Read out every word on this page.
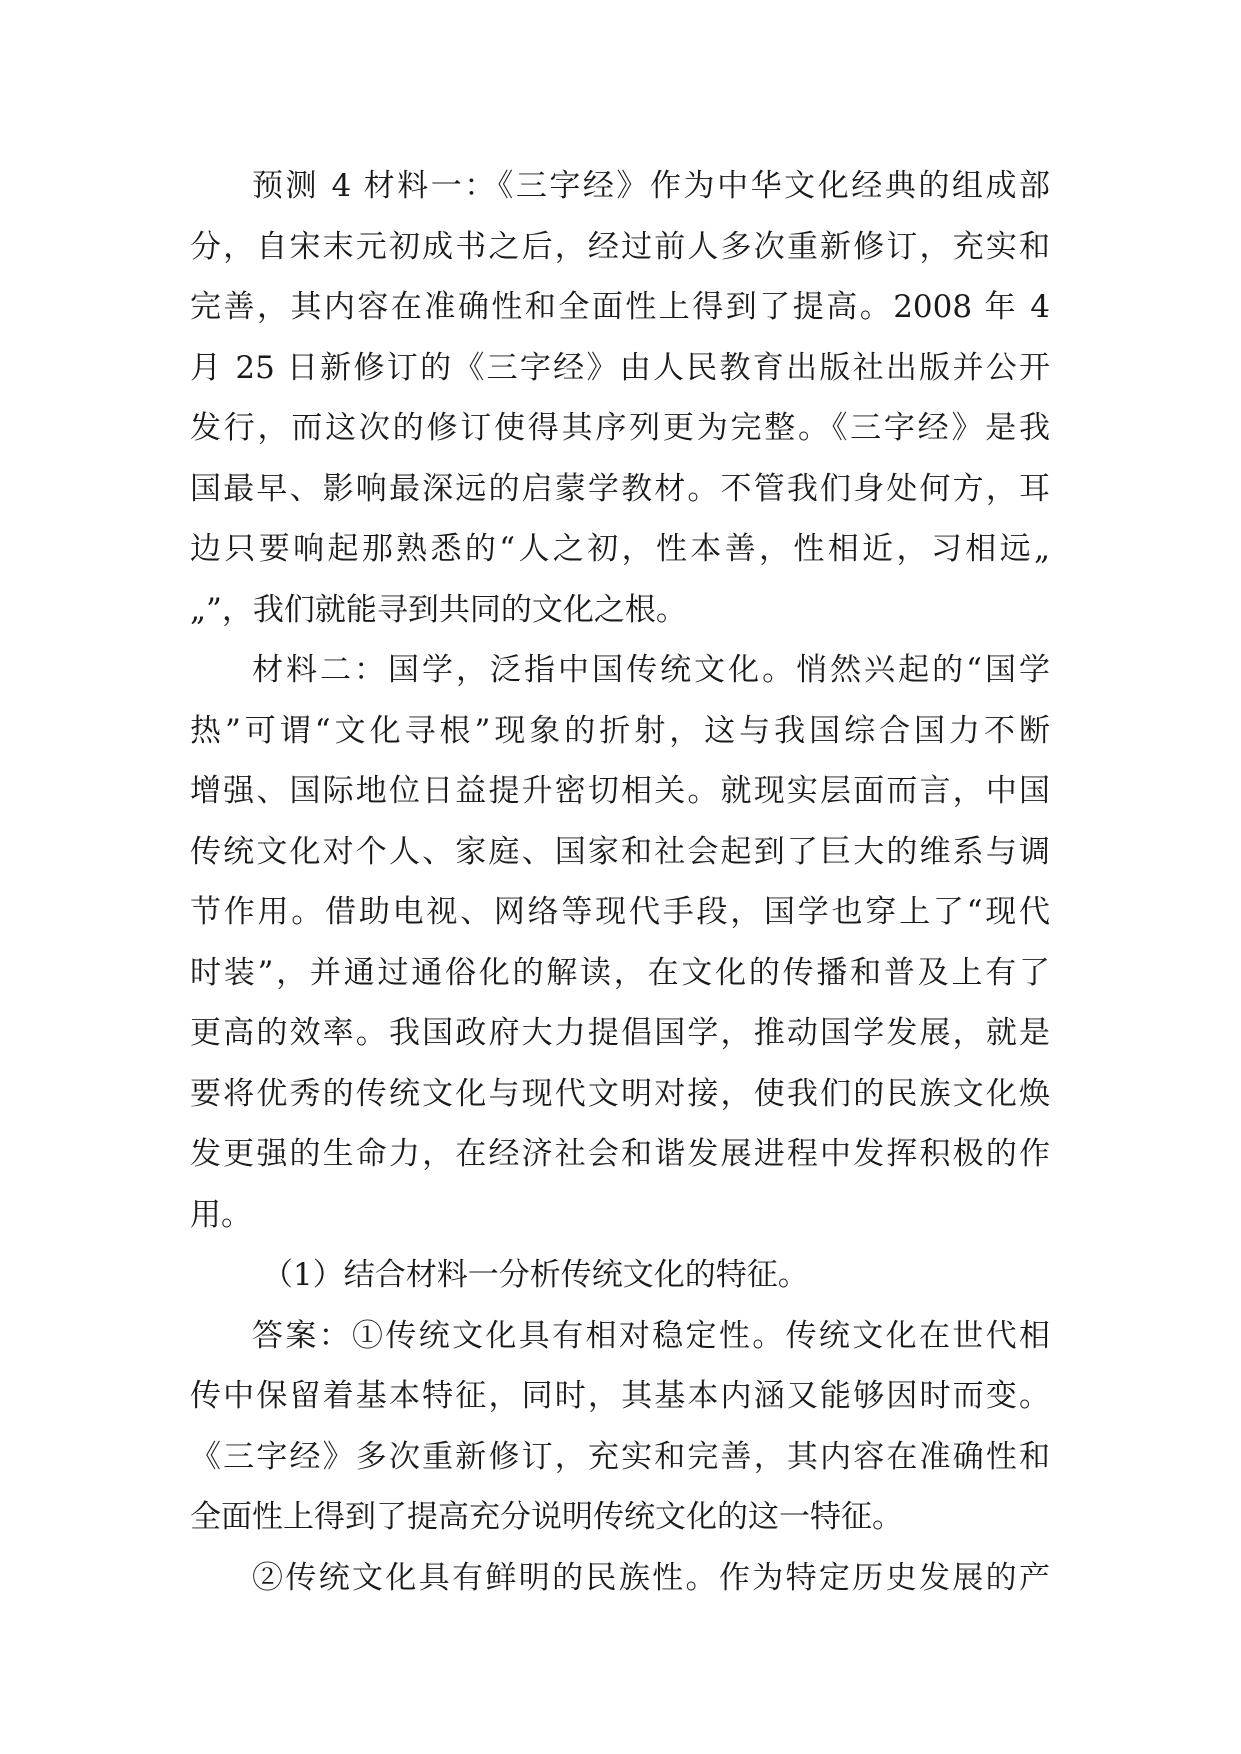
预测 4 材料一：《三字经》作为中华文化经典的组成部
分，自宋末元初成书之后，经过前人多次重新修订，充实和
完善，其内容在准确性和全面性上得到了提高。2008 年 4
月 25 日新修订的《三字经》由人民教育出版社出版并公开
发行，而这次的修订使得其序列更为完整。《三字经》是我
国最早、影响最深远的启蒙学教材。不管我们身处何方，耳
边只要响起那熟悉的“人之初，性本善，性相近，习相远„
„”，我们就能寻到共同的文化之根。
材料二：国学，泛指中国传统文化。悄然兴起的“国学
热”可谓“文化寻根”现象的折射，这与我国综合国力不断
增强、国际地位日益提升密切相关。就现实层面而言，中国
传统文化对个人、家庭、国家和社会起到了巨大的维系与调
节作用。借助电视、网络等现代手段，国学也穿上了“现代
时装”，并通过通俗化的解读，在文化的传播和普及上有了
更高的效率。我国政府大力提倡国学，推动国学发展，就是
要将优秀的传统文化与现代文明对接，使我们的民族文化焕
发更强的生命力，在经济社会和谐发展进程中发挥积极的作
用。
（1）结合材料一分析传统文化的特征。
答案：①传统文化具有相对稳定性。传统文化在世代相
传中保留着基本特征，同时，其基本内涵又能够因时而变。
《三字经》多次重新修订，充实和完善，其内容在准确性和
全面性上得到了提高充分说明传统文化的这一特征。
②传统文化具有鲜明的民族性。作为特定历史发展的产
